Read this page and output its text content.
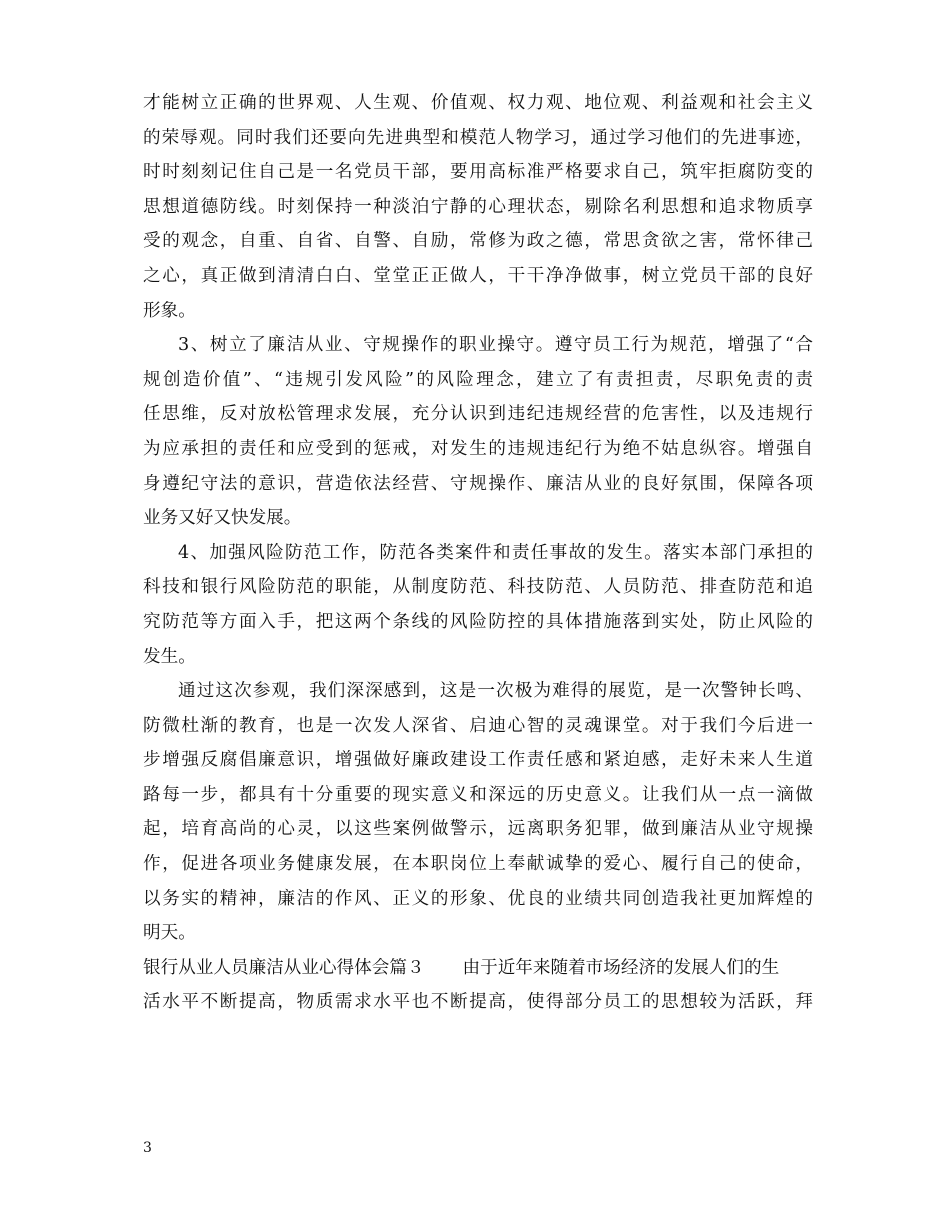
才能树立正确的世界观、人生观、价值观、权力观、地位观、利益观和社会主义
的荣辱观。同时我们还要向先进典型和模范人物学习，通过学习他们的先进事迹，
时时刻刻记住自己是一名党员干部，要用高标准严格要求自己，筑牢拒腐防变的
思想道德防线。时刻保持一种淡泊宁静的心理状态，剔除名利思想和追求物质享
受的观念，自重、自省、自警、自励，常修为政之德，常思贪欲之害，常怀律己
之心，真正做到清清白白、堂堂正正做人，干干净净做事，树立党员干部的良好
形象。
3、树立了廉洁从业、守规操作的职业操守。遵守员工行为规范，增强了“合
规创造价值”、“违规引发风险”的风险理念，建立了有责担责，尽职免责的责
任思维，反对放松管理求发展，充分认识到违纪违规经营的危害性，以及违规行
为应承担的责任和应受到的惩戒，对发生的违规违纪行为绝不姑息纵容。增强自
身遵纪守法的意识，营造依法经营、守规操作、廉洁从业的良好氛围，保障各项
业务又好又快发展。
4、加强风险防范工作，防范各类案件和责任事故的发生。落实本部门承担的
科技和银行风险防范的职能，从制度防范、科技防范、人员防范、排查防范和追
究防范等方面入手，把这两个条线的风险防控的具体措施落到实处，防止风险的
发生。
通过这次参观，我们深深感到，这是一次极为难得的展览，是一次警钟长鸣、
防微杜渐的教育，也是一次发人深省、启迪心智的灵魂课堂。对于我们今后进一
步增强反腐倡廉意识，增强做好廉政建设工作责任感和紧迫感，走好未来人生道
路每一步，都具有十分重要的现实意义和深远的历史意义。让我们从一点一滴做
起，培育高尚的心灵，以这些案例做警示，远离职务犯罪，做到廉洁从业守规操
作，促进各项业务健康发展，在本职岗位上奉献诚挚的爱心、履行自己的使命，
以务实的精神，廉洁的作风、正义的形象、优良的业绩共同创造我社更加辉煌的
明天。
银行从业人员廉洁从业心得体会篇３ 由于近年来随着市场经济的发展人们的生
活水平不断提高，物质需求水平也不断提高，使得部分员工的思想较为活跃，拜
3
